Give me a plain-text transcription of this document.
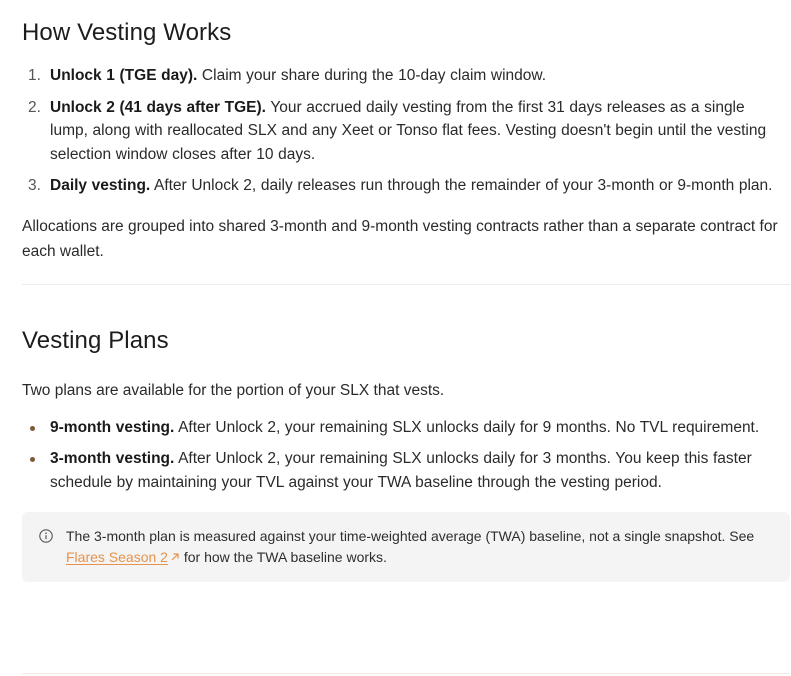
How Vesting Works
1. Unlock 1 (TGE day). Claim your share during the 10-day claim window.
2. Unlock 2 (41 days after TGE). Your accrued daily vesting from the first 31 days releases as a single lump, along with reallocated SLX and any Xeet or Tonso flat fees. Vesting doesn't begin until the vesting selection window closes after 10 days.
3. Daily vesting. After Unlock 2, daily releases run through the remainder of your 3-month or 9-month plan.

Allocations are grouped into shared 3-month and 9-month vesting contracts rather than a separate contract for each wallet.

Vesting Plans

Two plans are available for the portion of your SLX that vests.

9-month vesting. After Unlock 2, your remaining SLX unlocks daily for 9 months. No TVL requirement.
3-month vesting. After Unlock 2, your remaining SLX unlocks daily for 3 months. You keep this faster schedule by maintaining your TVL against your TWA baseline through the vesting period.
The 3-month plan is measured against your time-weighted average (TWA) baseline, not a single snapshot. See Flares Season 2 for how the TWA baseline works.
